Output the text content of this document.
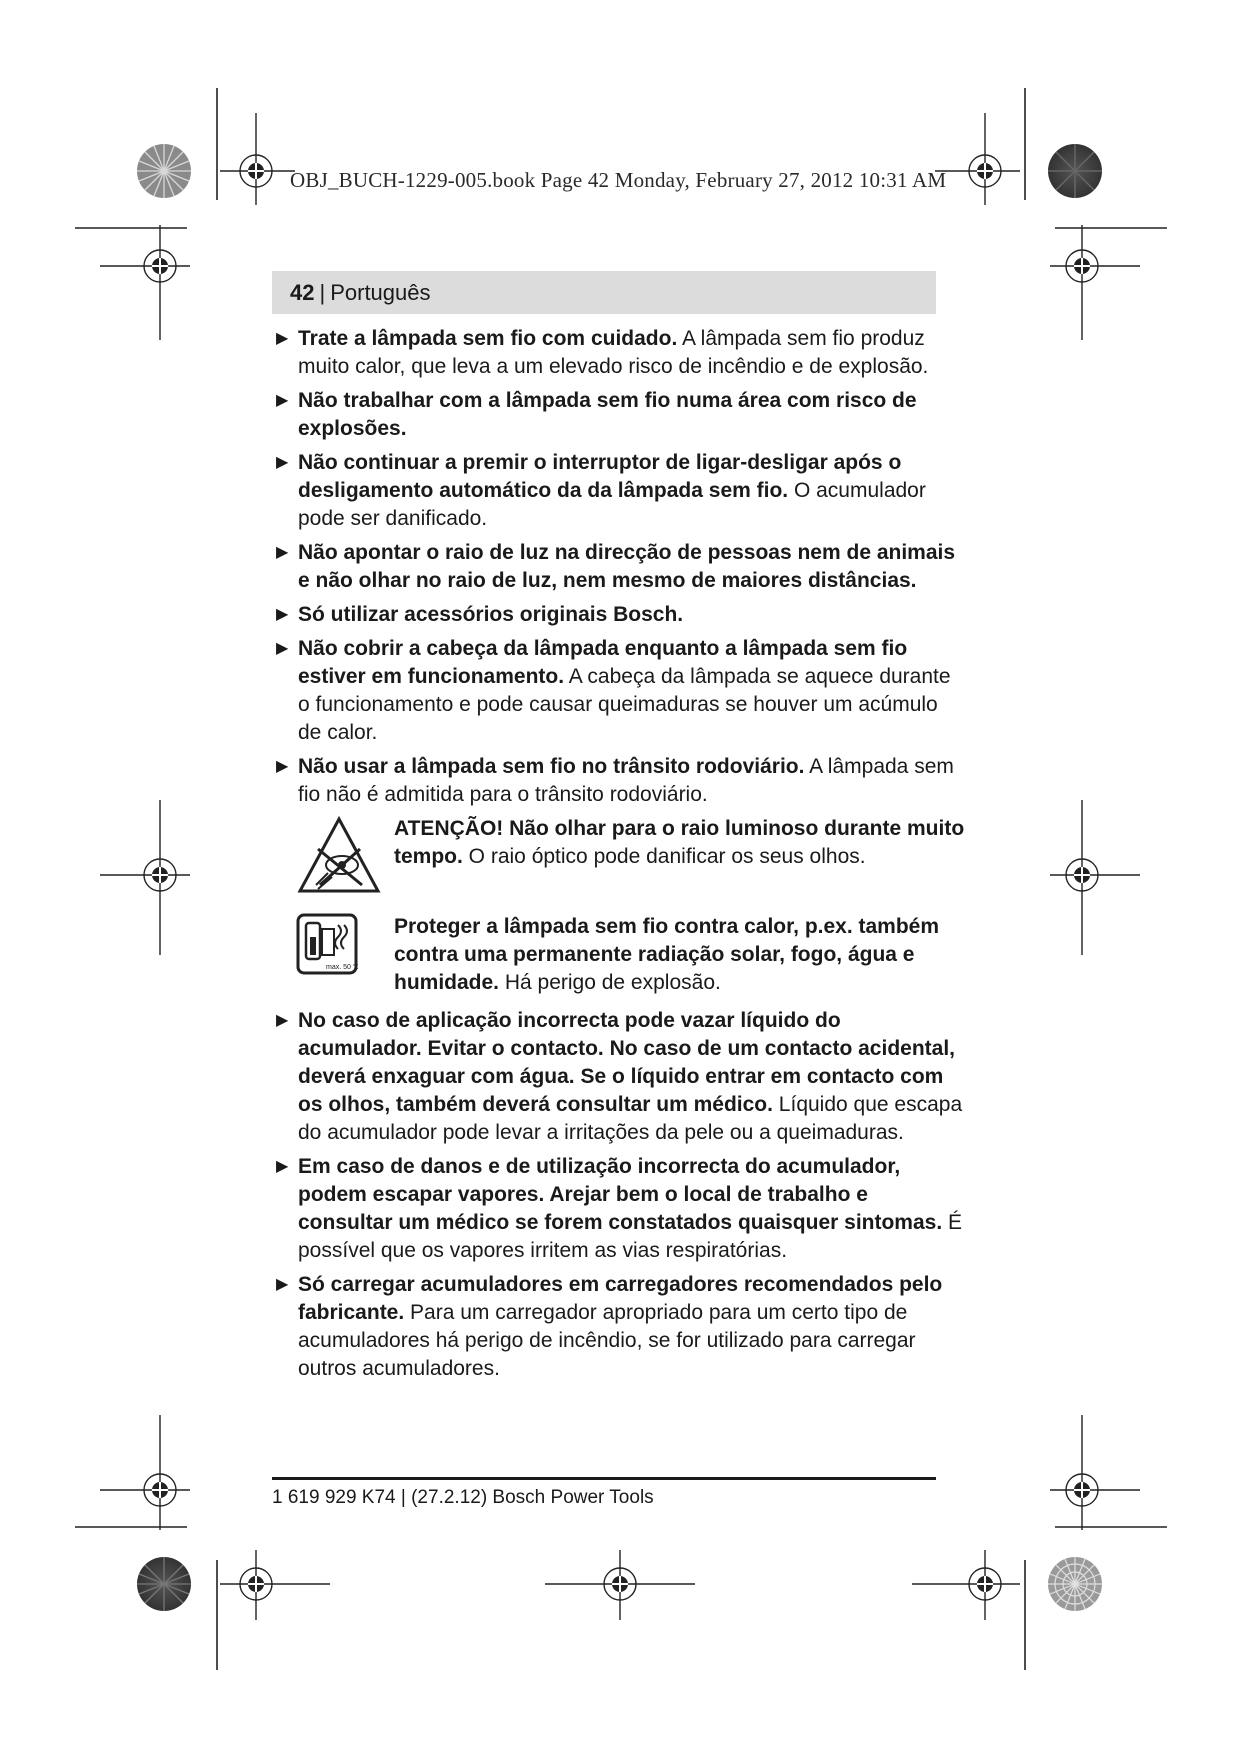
OBJ_BUCH-1229-005.book Page 42 Monday, February 27, 2012 10:31 AM
42 | Português
▶ Trate a lâmpada sem fio com cuidado. A lâmpada sem fio produz muito calor, que leva a um elevado risco de incêndio e de explosão.
▶ Não trabalhar com a lâmpada sem fio numa área com risco de explosões.
▶ Não continuar a premir o interruptor de ligar-desligar após o desligamento automático da da lâmpada sem fio. O acumulador pode ser danificado.
▶ Não apontar o raio de luz na direcção de pessoas nem de animais e não olhar no raio de luz, nem mesmo de maiores distâncias.
▶ Só utilizar acessórios originais Bosch.
▶ Não cobrir a cabeça da lâmpada enquanto a lâmpada sem fio estiver em funcionamento. A cabeça da lâmpada se aquece durante o funcionamento e pode causar queimaduras se houver um acúmulo de calor.
▶ Não usar a lâmpada sem fio no trânsito rodoviário. A lâmpada sem fio não é admitida para o trânsito rodoviário.
ATENÇÃO! Não olhar para o raio luminoso durante muito tempo. O raio óptico pode danificar os seus olhos.
max. 50 °C
Proteger a lâmpada sem fio contra calor, p.ex. também contra uma permanente radiação solar, fogo, água e humidade. Há perigo de explosão.
▶ No caso de aplicação incorrecta pode vazar líquido do acumulador. Evitar o contacto. No caso de um contacto acidental, deverá enxaguar com água. Se o líquido entrar em contacto com os olhos, também deverá consultar um médico. Líquido que escapa do acumulador pode levar a irritações da pele ou a queimaduras.
▶ Em caso de danos e de utilização incorrecta do acumulador, podem escapar vapores. Arejar bem o local de trabalho e consultar um médico se forem constatados quaisquer sintomas. É possível que os vapores irritem as vias respiratórias.
▶ Só carregar acumuladores em carregadores recomendados pelo fabricante. Para um carregador apropriado para um certo tipo de acumuladores há perigo de incêndio, se for utilizado para carregar outros acumuladores.
1 619 929 K74 | (27.2.12) Bosch Power Tools
